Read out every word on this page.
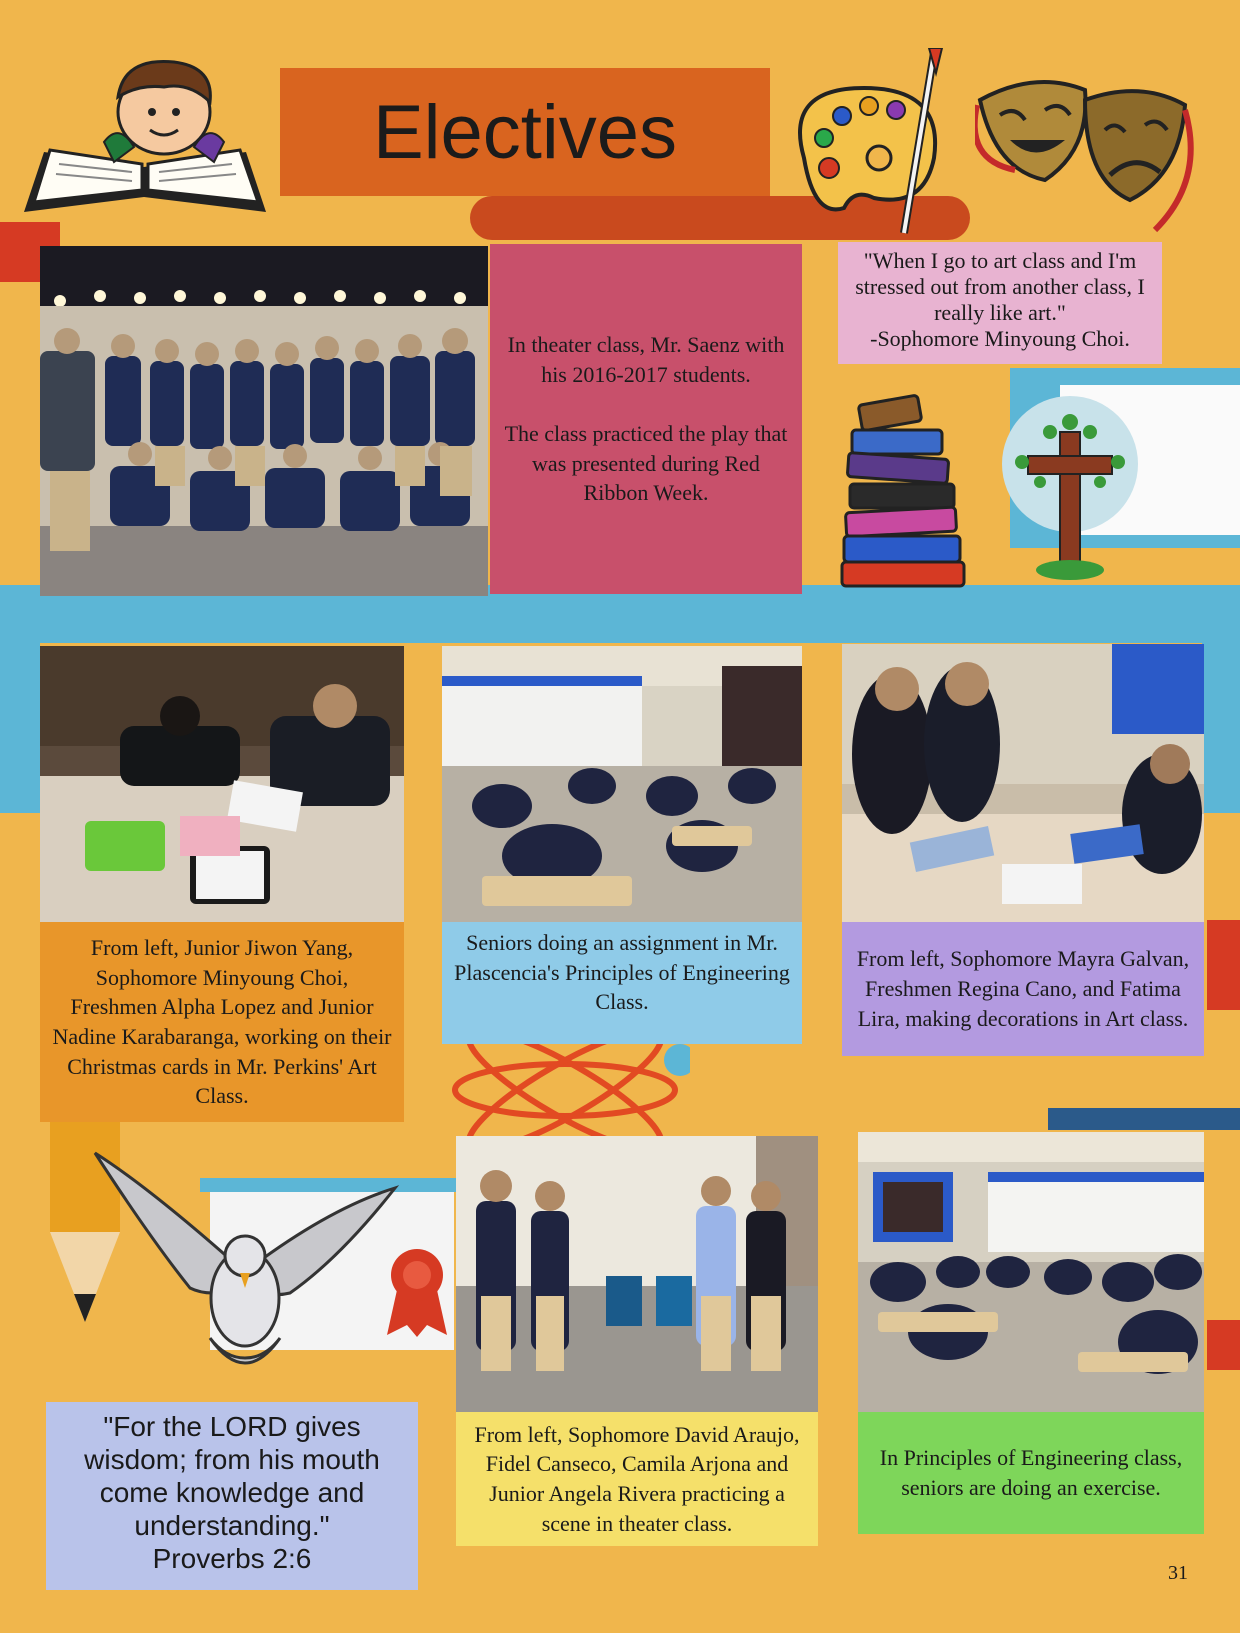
Electives
In theater class, Mr. Saenz with his 2016-2017 students.

The class practiced the play that was presented during Red Ribbon Week.
"When I go to art class and I'm stressed out from another class, I really like art."
-Sophomore Minyoung Choi.
From left, Junior Jiwon Yang, Sophomore Minyoung Choi, Freshmen Alpha Lopez and Junior Nadine Karabaranga, working on their Christmas cards in Mr. Perkins' Art Class.
Seniors doing an assignment in Mr. Plascencia's Principles of Engineering Class.
From left, Sophomore Mayra Galvan, Freshmen Regina Cano, and Fatima Lira, making decorations in Art class.
"For the LORD gives wisdom; from his mouth come knowledge and understanding."
Proverbs 2:6
From left, Sophomore David Araujo, Fidel Canseco, Camila Arjona and Junior Angela Rivera practicing a scene in theater class.
In Principles of Engineering class, seniors are doing an exercise.
31
